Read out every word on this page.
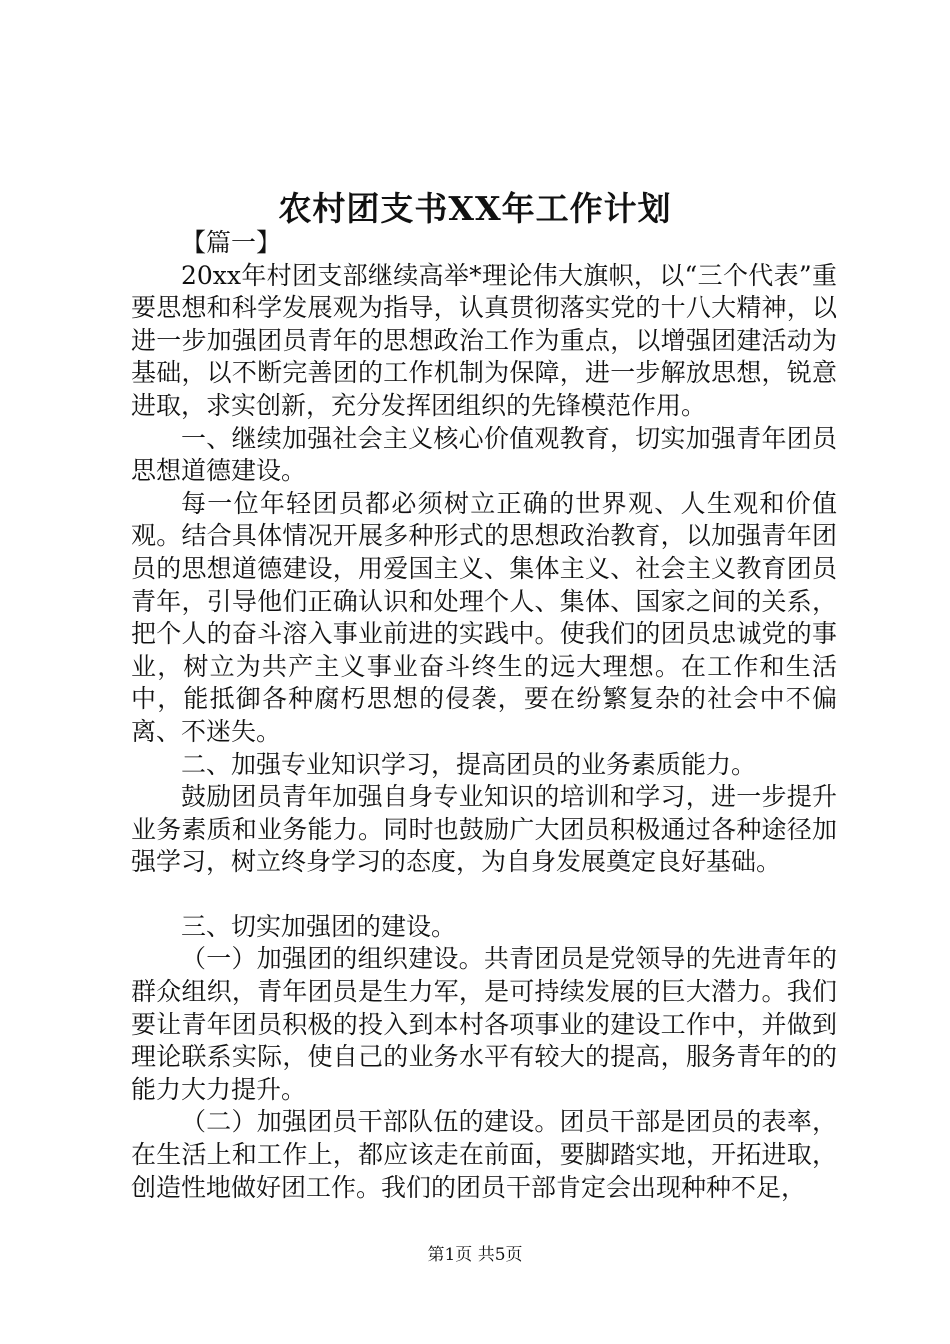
农村团支书XX年工作计划

【篇一】

20xx年村团支部继续高举*理论伟大旗帜，以“三个代表”重要思想和科学发展观为指导，认真贯彻落实党的十八大精神，以进一步加强团员青年的思想政治工作为重点，以增强团建活动为基础，以不断完善团的工作机制为保障，进一步解放思想，锐意进取，求实创新，充分发挥团组织的先锋模范作用。

一、继续加强社会主义核心价值观教育，切实加强青年团员思想道德建设。

每一位年轻团员都必须树立正确的世界观、人生观和价值观。结合具体情况开展多种形式的思想政治教育，以加强青年团员的思想道德建设，用爱国主义、集体主义、社会主义教育团员青年，引导他们正确认识和处理个人、集体、国家之间的关系，把个人的奋斗溶入事业前进的实践中。使我们的团员忠诚党的事业，树立为共产主义事业奋斗终生的远大理想。在工作和生活中，能抵御各种腐朽思想的侵袭，要在纷繁复杂的社会中不偏离、不迷失。

二、加强专业知识学习，提高团员的业务素质能力。

鼓励团员青年加强自身专业知识的培训和学习，进一步提升业务素质和业务能力。同时也鼓励广大团员积极通过各种途径加强学习，树立终身学习的态度，为自身发展奠定良好基础。

三、切实加强团的建设。

（一）加强团的组织建设。共青团员是党领导的先进青年的群众组织，青年团员是生力军，是可持续发展的巨大潜力。我们要让青年团员积极的投入到本村各项事业的建设工作中，并做到理论联系实际，使自己的业务水平有较大的提高，服务青年的的能力大力提升。

（二）加强团员干部队伍的建设。团员干部是团员的表率，在生活上和工作上，都应该走在前面，要脚踏实地，开拓进取，创造性地做好团工作。我们的团员干部肯定会出现种种不足，

第1页 共5页
